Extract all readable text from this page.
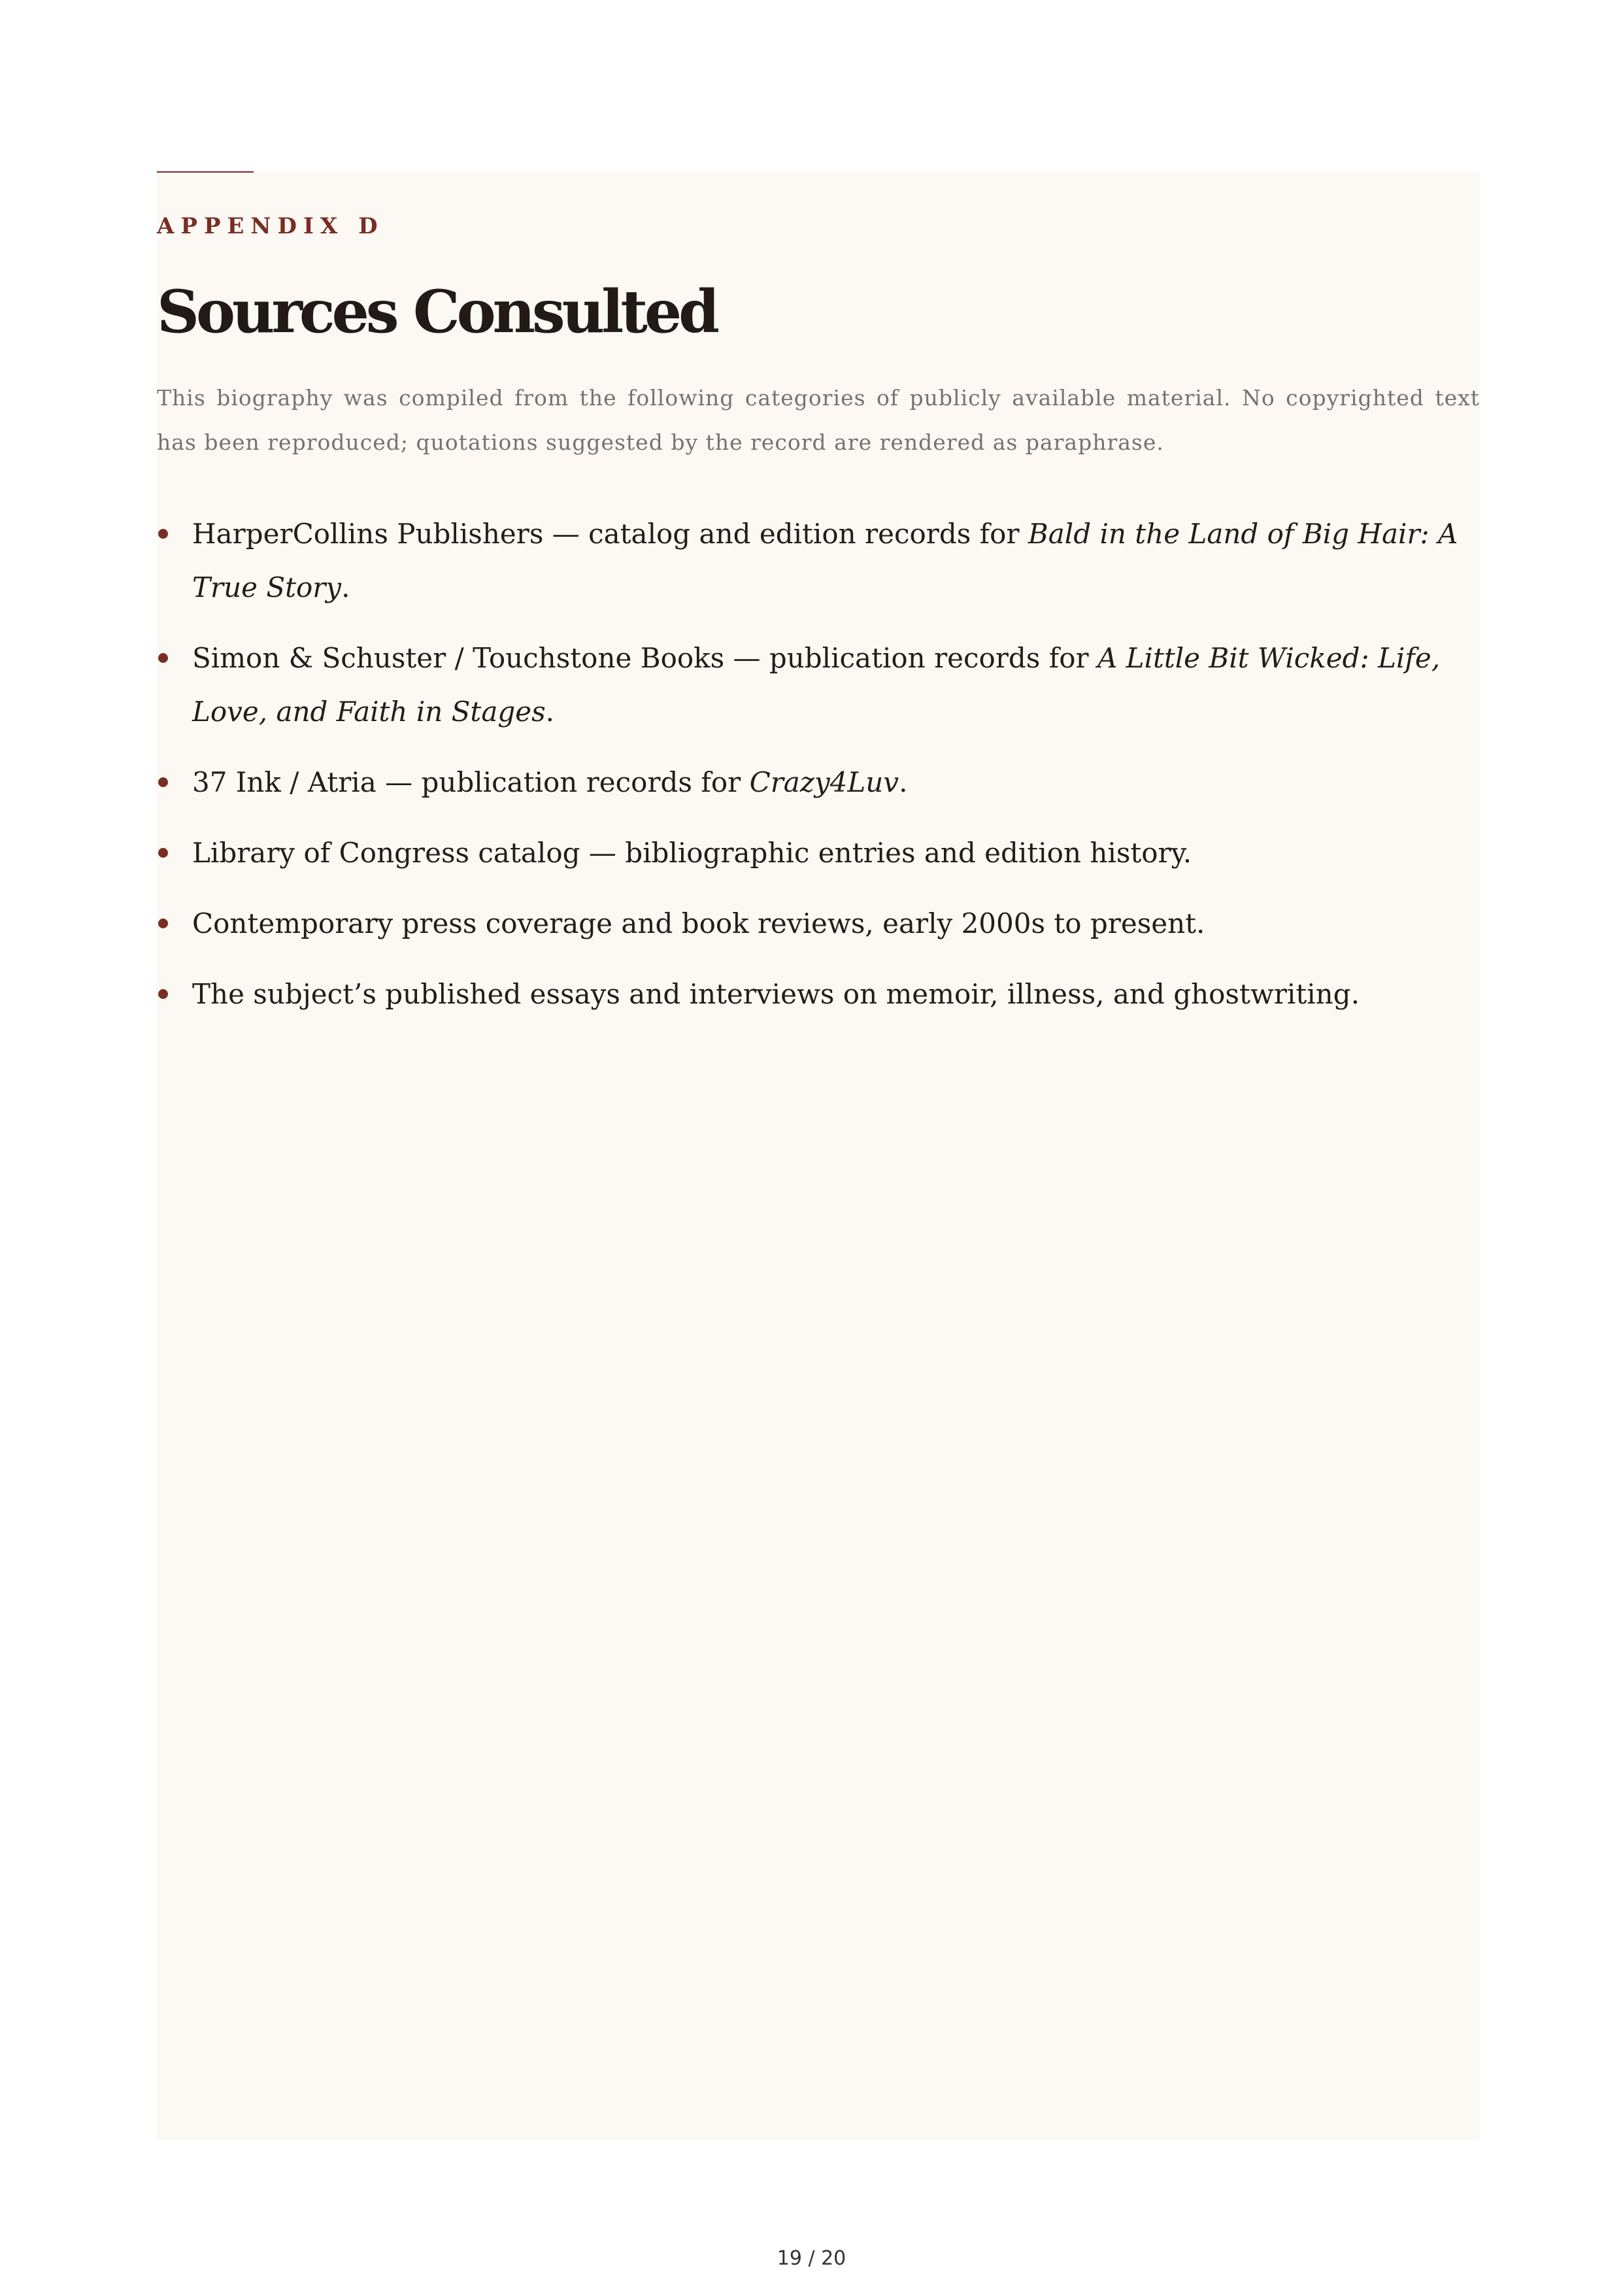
APPENDIX D

Sources Consulted

This biography was compiled from the following categories of publicly available material. No copyrighted text has been reproduced; quotations suggested by the record are rendered as paraphrase.

HarperCollins Publishers — catalog and edition records for Bald in the Land of Big Hair: A True Story.
Simon & Schuster / Touchstone Books — publication records for A Little Bit Wicked: Life, Love, and Faith in Stages.
37 Ink / Atria — publication records for Crazy4Luv.
Library of Congress catalog — bibliographic entries and edition history.
Contemporary press coverage and book reviews, early 2000s to present.
The subject’s published essays and interviews on memoir, illness, and ghostwriting.
19 / 20
